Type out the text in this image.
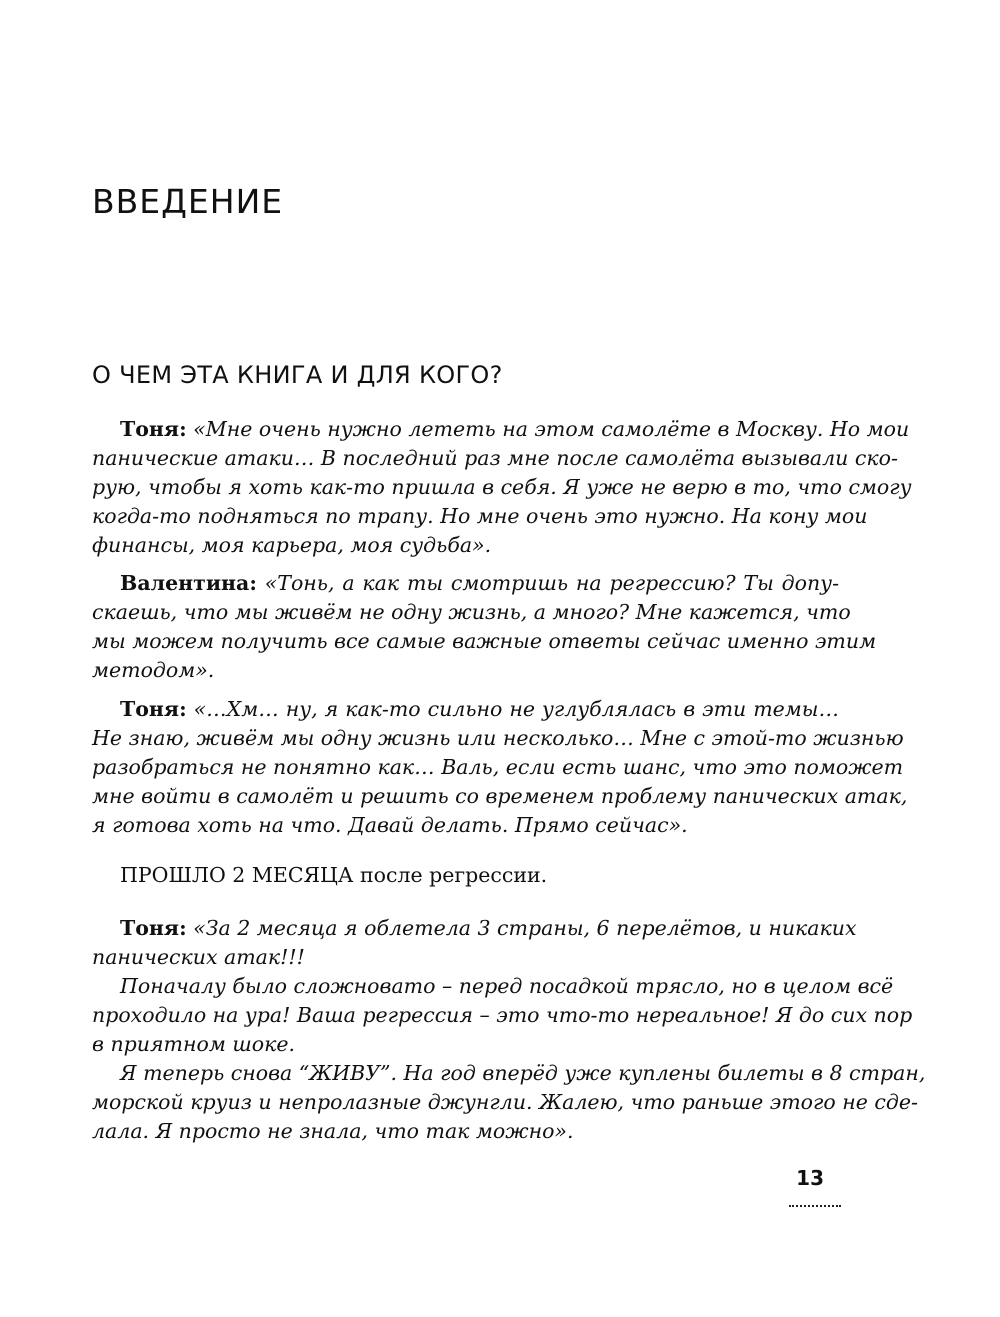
ВВЕДЕНИЕ
О ЧЕМ ЭТА КНИГА И ДЛЯ КОГО?

Тоня: «Мне очень нужно лететь на этом самолёте в Москву. Но мои

панические атаки… В последний раз мне после самолёта вызывали ско-

рую, чтобы я хоть как-то пришла в себя. Я уже не верю в то, что смогу

когда-то подняться по трапу. Но мне очень это нужно. На кону мои

финансы, моя карьера, моя судьба».

Валентина: «Тонь, а как ты смотришь на регрессию? Ты допу-

скаешь, что мы живём не одну жизнь, а много? Мне кажется, что

мы можем получить все самые важные ответы сейчас именно этим

методом».

Тоня: «…Хм… ну, я как-то сильно не углублялась в эти темы…

Не знаю, живём мы одну жизнь или несколько… Мне с этой-то жизнью

разобраться не понятно как… Валь, если есть шанс, что это поможет

мне войти в самолёт и решить со временем проблему панических атак,

я готова хоть на что. Давай делать. Прямо сейчас».

ПРОШЛО 2 МЕСЯЦА после регрессии.

Тоня: «За 2 месяца я облетела 3 страны, 6 перелётов, и никаких

панических атак!!!

Поначалу было сложновато – перед посадкой трясло, но в целом всё

проходило на ура! Ваша регрессия – это что-то нереальное! Я до сих пор

в приятном шоке.

Я теперь снова “ЖИВУ”. На год вперёд уже куплены билеты в 8 стран,

морской круиз и непролазные джунгли. Жалею, что раньше этого не сде-

лала. Я просто не знала, что так можно».

13
